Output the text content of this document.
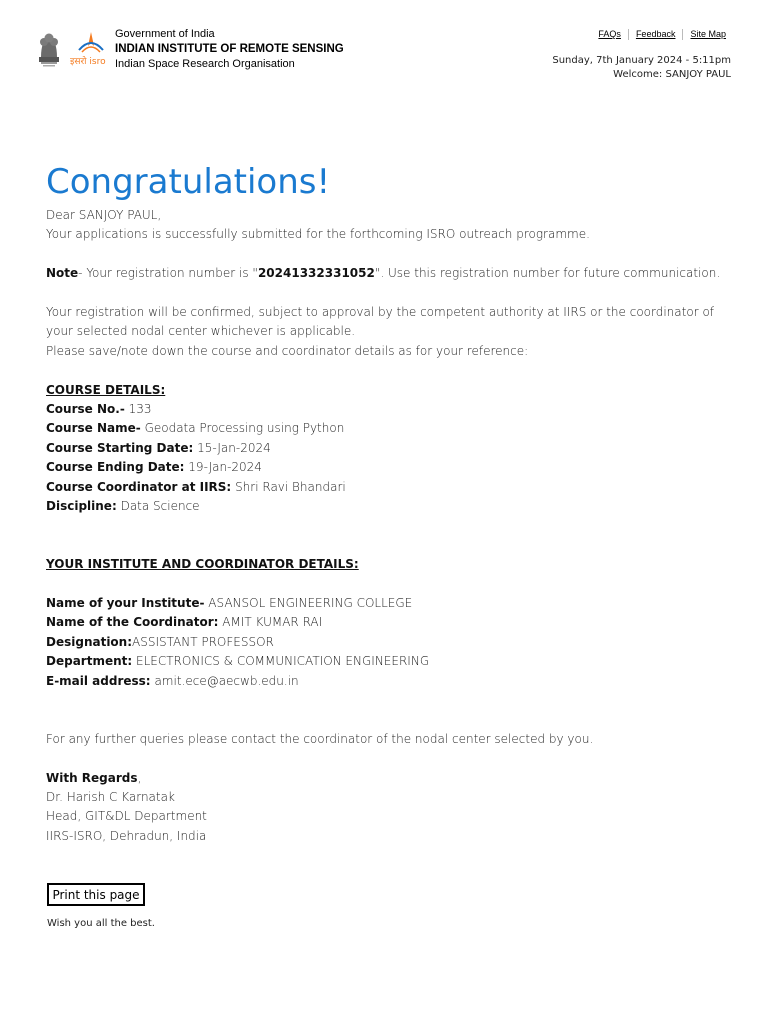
इसरो isro
Government of India
INDIAN INSTITUTE OF REMOTE SENSING
Indian Space Research Organisation
FAQs	Feedback	Site Map
Sunday, 7th January 2024 - 5:11pm
Welcome: SANJOY PAUL
Congratulations!
Dear SANJOY PAUL,
Your applications is successfully submitted for the forthcoming ISRO outreach programme.
Note- Your registration number is "20241332331052". Use this registration number for future communication.
Your registration will be confirmed, subject to approval by the competent authority at IIRS or the coordinator of your selected nodal center whichever is applicable.
Please save/note down the course and coordinator details as for your reference:
COURSE DETAILS:
Course No.- 133
Course Name- Geodata Processing using Python
Course Starting Date: 15-Jan-2024
Course Ending Date: 19-Jan-2024
Course Coordinator at IIRS: Shri Ravi Bhandari
Discipline: Data Science
YOUR INSTITUTE AND COORDINATOR DETAILS:
Name of your Institute- ASANSOL ENGINEERING COLLEGE
Name of the Coordinator: AMIT KUMAR RAI
Designation:ASSISTANT PROFESSOR
Department: ELECTRONICS & COMMUNICATION ENGINEERING
E-mail address: amit.ece@aecwb.edu.in
For any further queries please contact the coordinator of the nodal center selected by you.
With Regards,
Dr. Harish C Karnatak
Head, GIT&DL Department
IIRS-ISRO, Dehradun, India
Print this page
Wish you all the best.
